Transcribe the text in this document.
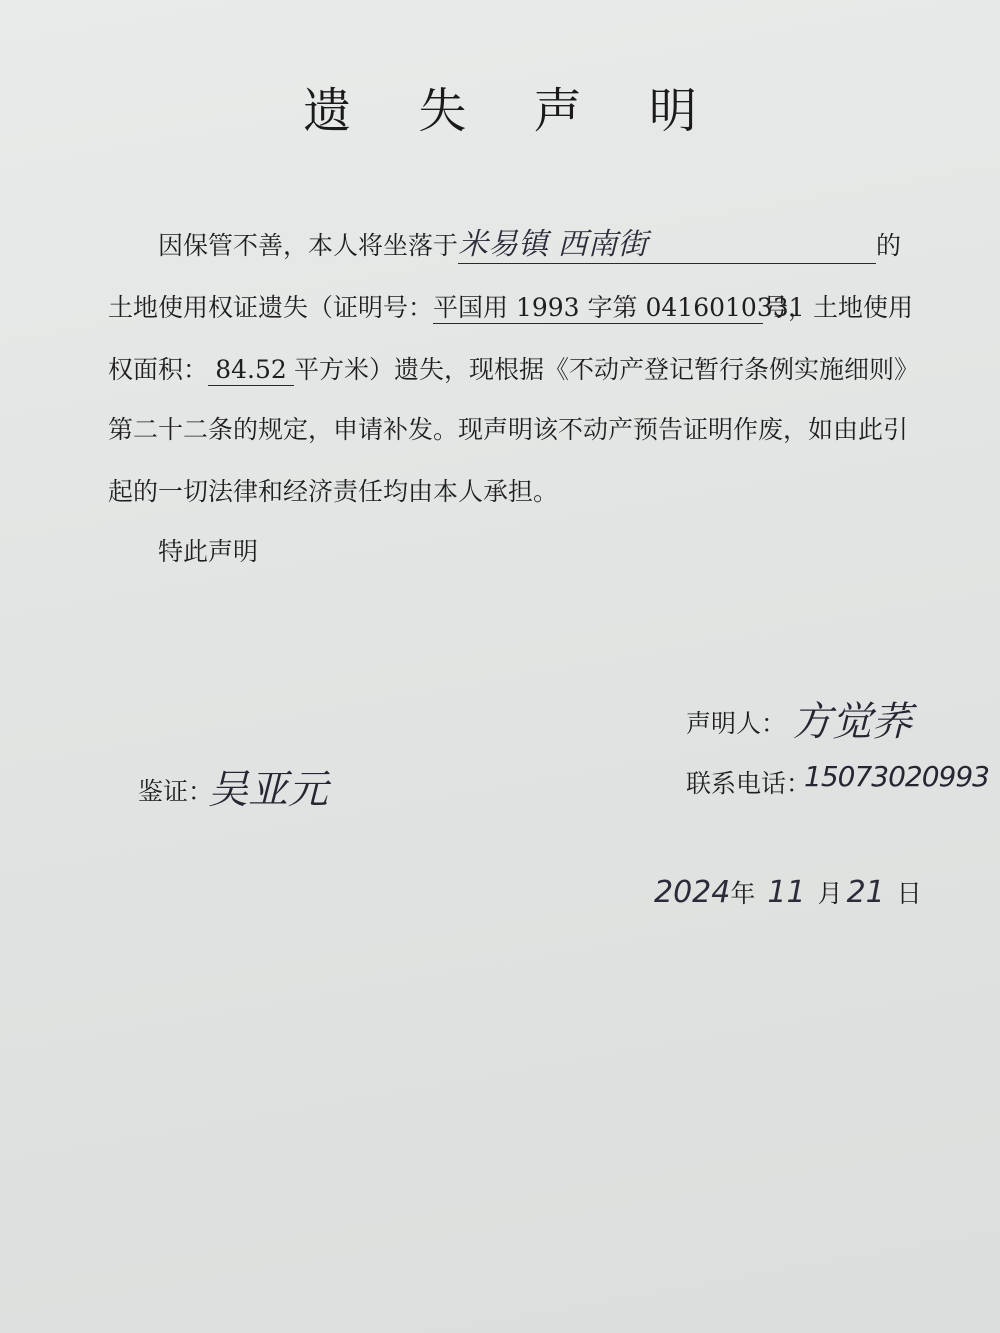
遗 失 声 明
因保管不善，本人将坐落于米易镇 西南街	的
土地使用权证遗失（证明号：平国用 1993 字第 0416010331号，土地使用
权面积： 84.52 平方米）遗失，现根据《不动产登记暂行条例实施细则》
第二十二条的规定，申请补发。现声明该不动产预告证明作废，如由此引
起的一切法律和经济责任均由本人承担。
特此声明
声明人： 方觉荞
鉴证：
吴亚元	联系电话：
15073020993
2024年 11 月 21 日
